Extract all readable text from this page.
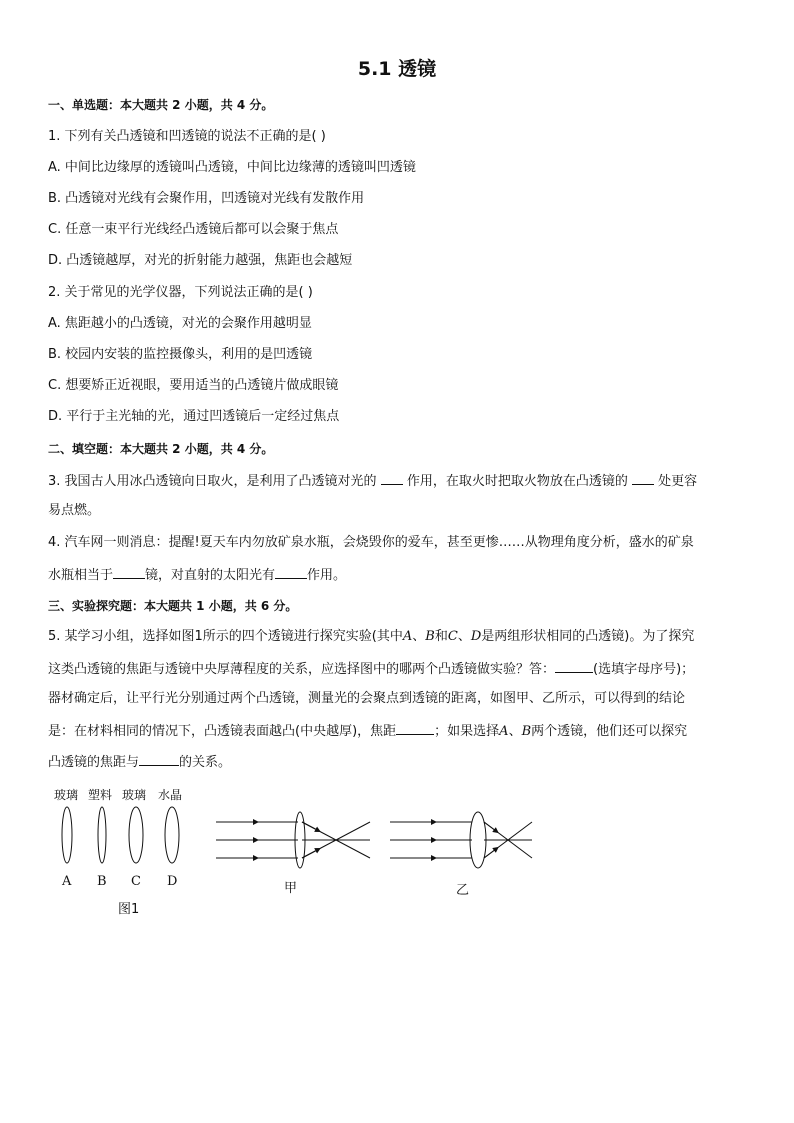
5.1 透镜
一、单选题：本大题共 2 小题，共 4 分。
1. 下列有关凸透镜和凹透镜的说法不正确的是( )
A. 中间比边缘厚的透镜叫凸透镜，中间比边缘薄的透镜叫凹透镜
B. 凸透镜对光线有会聚作用，凹透镜对光线有发散作用
C. 任意一束平行光线经凸透镜后都可以会聚于焦点
D. 凸透镜越厚，对光的折射能力越强，焦距也会越短
2. 关于常见的光学仪器，下列说法正确的是( )
A. 焦距越小的凸透镜，对光的会聚作用越明显
B. 校园内安装的监控摄像头，利用的是凹透镜
C. 想要矫正近视眼，要用适当的凸透镜片做成眼镜
D. 平行于主光轴的光，通过凹透镜后一定经过焦点
二、填空题：本大题共 2 小题，共 4 分。
3. 我国古人用冰凸透镜向日取火，是利用了凸透镜对光的 作用，在取火时把取火物放在凸透镜的 处更容
易点燃。
4. 汽车网一则消息：提醒!夏天车内勿放矿泉水瓶，会烧毁你的爱车，甚至更惨……从物理角度分析，盛水的矿泉
水瓶相当于 镜，对直射的太阳光有 作用。
三、实验探究题：本大题共 1 小题，共 6 分。
5. 某学习小组，选择如图1所示的四个透镜进行探究实验(其中A、B和C、D是两组形状相同的凸透镜)。为了探究
这类凸透镜的焦距与透镜中央厚薄程度的关系，应选择图中的哪两个凸透镜做实验？答：	(选填字母序号)；
器材确定后，让平行光分别通过两个凸透镜，测量光的会聚点到透镜的距离，如图甲、乙所示，可以得到的结论
是：在材料相同的情况下，凸透镜表面越凸(中央越厚)，焦距	；如果选择A、B两个透镜，他们还可以探究
凸透镜的焦距与	的关系。
玻璃 塑料 玻璃 水晶
A B C D
图1
甲	乙
